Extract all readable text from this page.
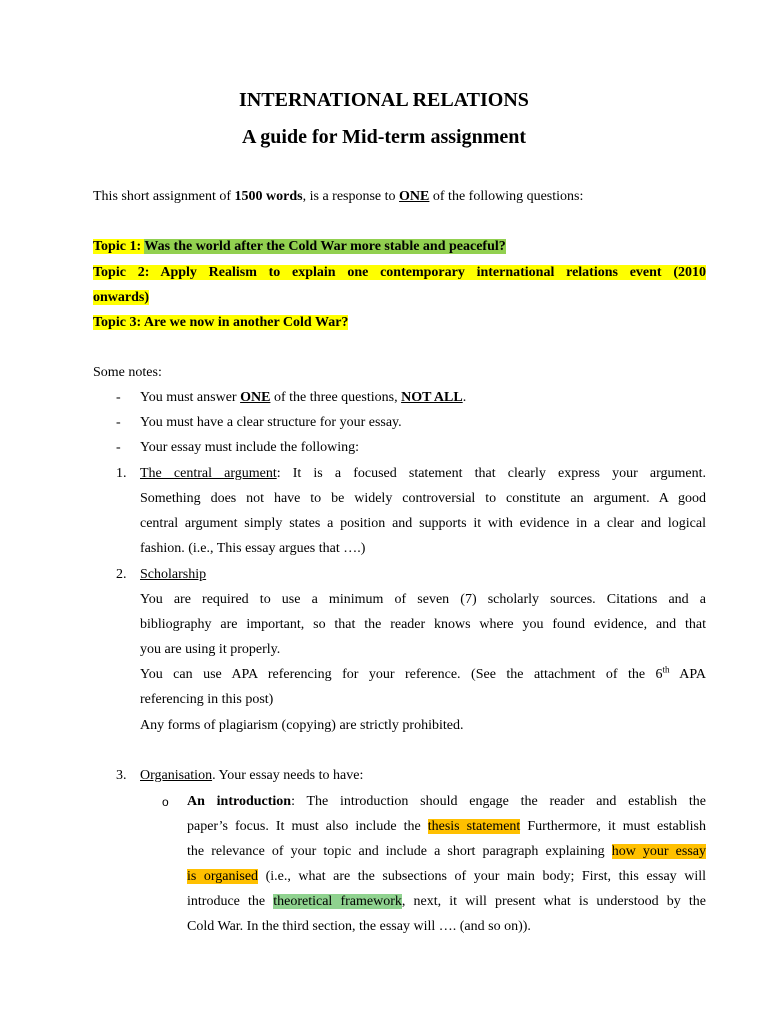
INTERNATIONAL RELATIONS
A guide for Mid-term assignment
This short assignment of 1500 words, is a response to ONE of the following questions:
Topic 1: Was the world after the Cold War more stable and peaceful?
Topic 2: Apply Realism to explain one contemporary international relations event (2010
onwards)
Topic 3: Are we now in another Cold War?
Some notes:
- You must answer ONE of the three questions, NOT ALL.
- You must have a clear structure for your essay.
- Your essay must include the following:
1. The central argument: It is a focused statement that clearly express your argument.
Something does not have to be widely controversial to constitute an argument. A good
central argument simply states a position and supports it with evidence in a clear and logical
fashion. (i.e., This essay argues that ….)
2. Scholarship
You are required to use a minimum of seven (7) scholarly sources. Citations and a
bibliography are important, so that the reader knows where you found evidence, and that
you are using it properly.
You can use APA referencing for your reference. (See the attachment of the 6th APA
referencing in this post)
Any forms of plagiarism (copying) are strictly prohibited.
3. Organisation. Your essay needs to have:
o An introduction: The introduction should engage the reader and establish the
paper’s focus. It must also include the thesis statement Furthermore, it must establish
the relevance of your topic and include a short paragraph explaining how your essay
is organised (i.e., what are the subsections of your main body; First, this essay will
introduce the theoretical framework, next, it will present what is understood by the
Cold War. In the third section, the essay will …. (and so on)).
